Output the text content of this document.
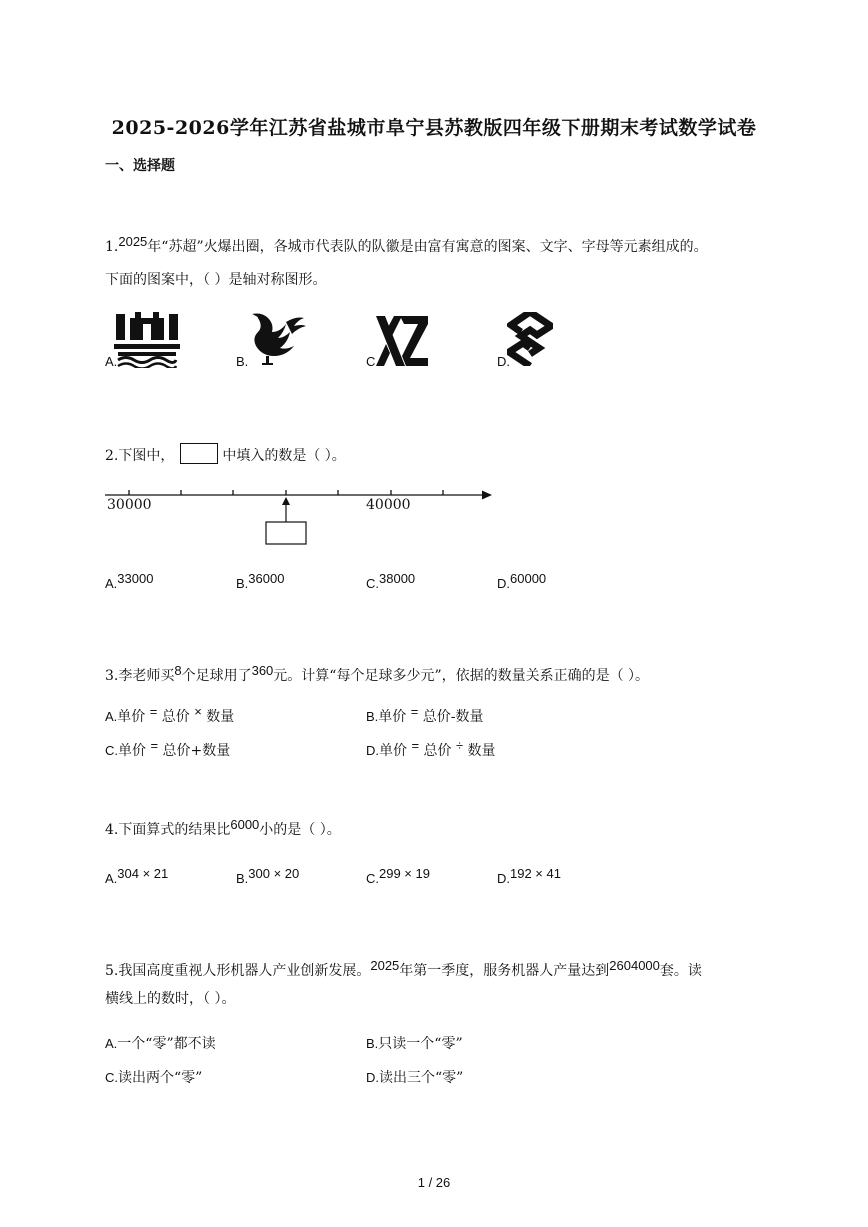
2025-2026学年江苏省盐城市阜宁县苏教版四年级下册期末考试数学试卷
一、选择题
1.2025年“苏超”火爆出圈，各城市代表队的队徽是由富有寓意的图案、文字、字母等元素组成的。
下面的图案中，（ ）是轴对称图形。
A.	B.	C.	D.
2.下图中，	中填入的数是（ ）。
30000	40000
A.33000	B.36000	C.38000	D.60000
3.李老师买8个足球用了360元。计算“每个足球多少元”，依据的数量关系正确的是（ ）。
A.单价 = 总价 × 数量	B.单价 = 总价-数量
C.单价 = 总价+数量	D.单价 = 总价 ÷ 数量
4.下面算式的结果比6000小的是（ ）。
A.304 × 21	B.300 × 20	C.299 × 19	D.192 × 41
5.我国高度重视人形机器人产业创新发展。2025年第一季度，服务机器人产量达到2604000套。读
横线上的数时，（ ）。
A.一个“零”都不读	B.只读一个“零”
C.读出两个“零”	D.读出三个“零”
1 / 26
